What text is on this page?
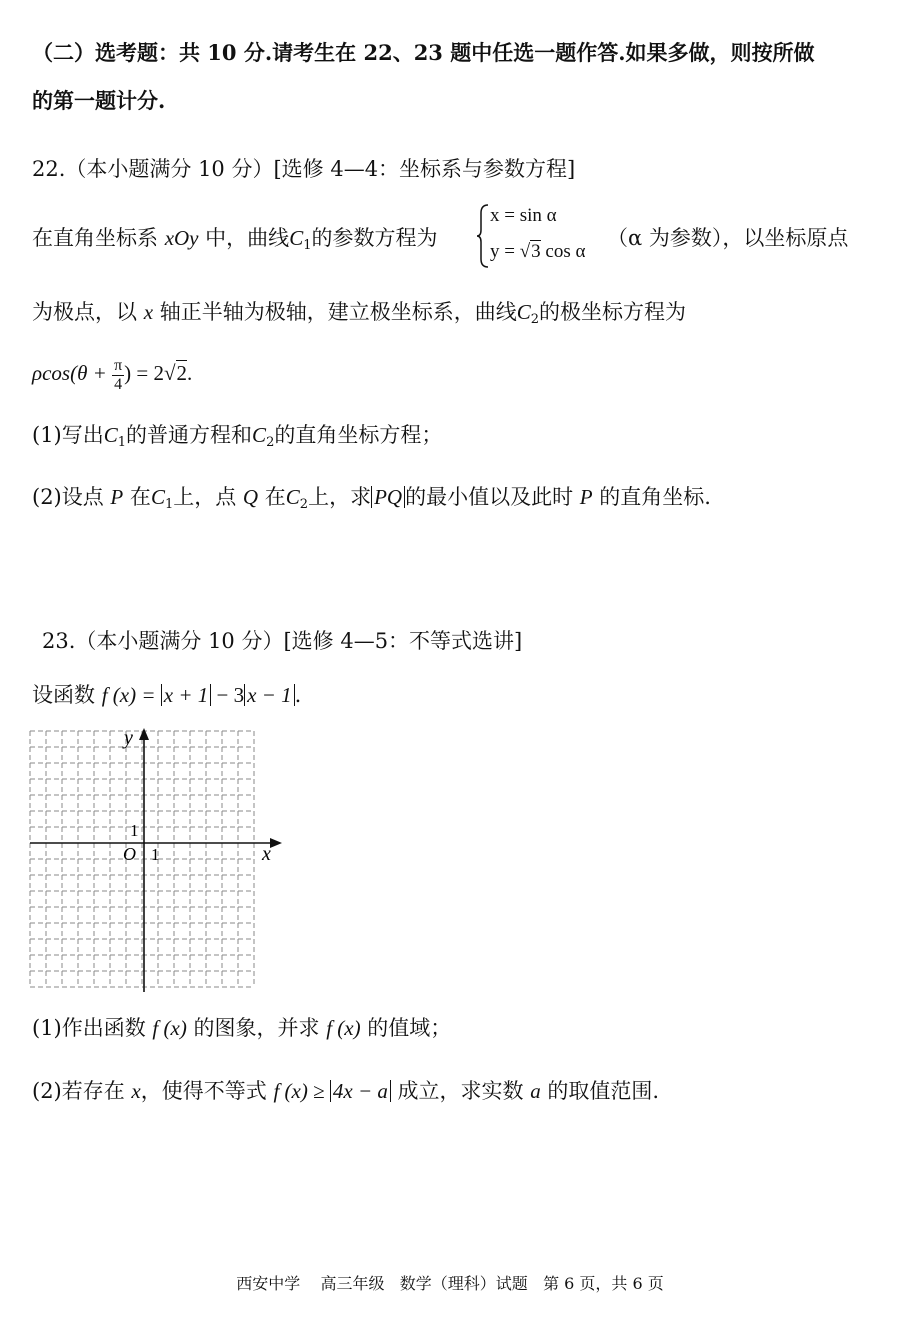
（二）选考题：共 10 分.请考生在 22、23 题中任选一题作答.如果多做，则按所做
的第一题计分.
22.（本小题满分 10 分）[选修 4—4：坐标系与参数方程]
在直角坐标系 xOy 中，曲线$C_1$的参数方程为
x = sin α
y = √3 cos α
（α 为参数），以坐标原点
为极点，以 x 轴正半轴为极轴，建立极坐标系，曲线$C_2$的极坐标方程为
$\rho\cos(\theta + \frac{\pi}{4}$ ) = 2√2.
(1)写出$C_1$的普通方程和$C_2$的直角坐标方程；
(2)设点 P 在$C_1$上，点 Q 在$C_2$上，求 PQ 的最小值以及此时 P 的直角坐标.
23.（本小题满分 10 分）[选修 4—5：不等式选讲]
设函数 f (x) = x + 1 − 3 x − 1 .
y
x
O
1
1
(1)作出函数 f (x) 的图象，并求 f (x) 的值域；
(2)若存在 x，使得不等式 f (x) ≥ 4x − a 成立，求实数 a 的取值范围.
西安中学    高三年级   数学（理科）试题   第 6 页，共 6 页
